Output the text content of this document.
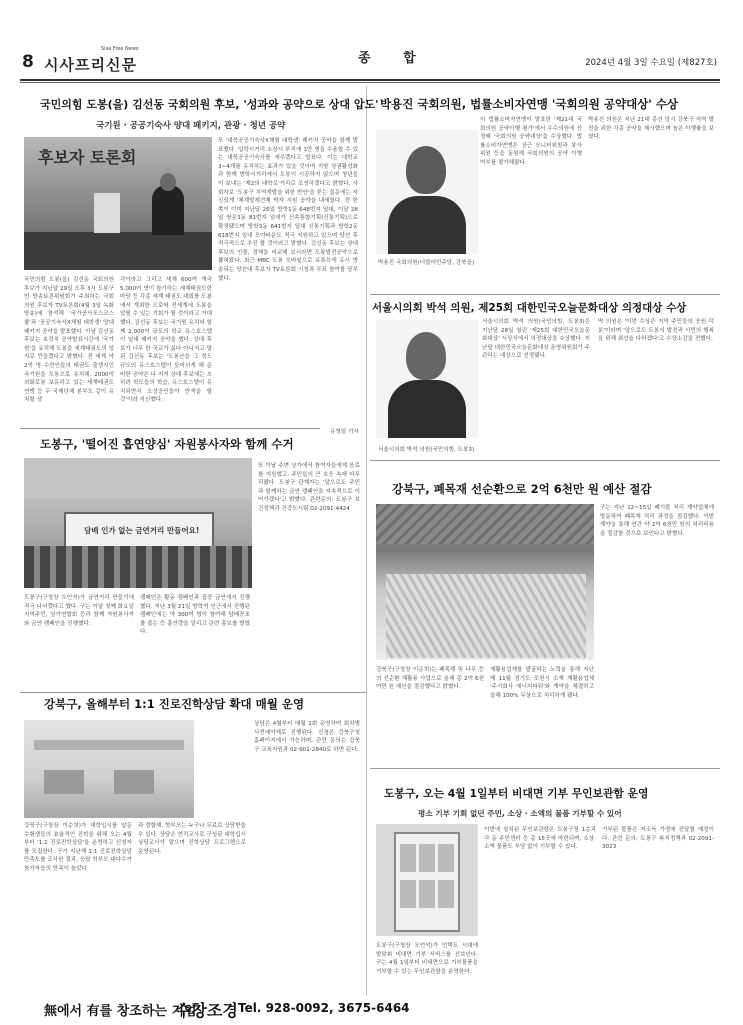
8
Sisa Free News
시사프리신문	종 합	2024년 4월 3일 수요일 (제827호)
국민의힘 도봉(을) 김선동 국회의원 후보, '성과와 공약으로 상대 압도'
국기원 · 공공기숙사 양대 패키지, 관광 · 청년 공약
후보자 토론회
국민의힘 도봉(을) 김선동 국회의원 후보가 지난달 29일 오후 3시 도봉구민 방송토론위원회가 주최하는 국회의원 후보자 TV토론회(4월 3일 녹화방송)에 참석해 '국가공사포스코스쿨'과 '공공기숙사X체험 대학생' 양대 패키지 공약을 발표했다. 이날 김선동 후보는 초정치 공약발표시간에 '국가원'을 유치해 도봉을 세계태권도의 성지로 만들겠다고 밝혔다. 전 세계 약 2억 명 수련인들의 태권도 출생지인 국기원을 도봉으로 유치해, 2000억 외화로봉 보유하고 있는 세계태권도연맹 등 두 국제단체 본부도 같이 유치할 생
각이라고 그리고 세계 600여 개국 5,000여 명이 참가하는 세계태권도한마당 등 각종 세계 태권도 대회를 도봉에서 개최한 으로써 전세계에 도봉을 알릴 수 있는 기회가 될 것이라고 거대했다. 김선동 후보는 국기원 유치와 함께 2,000억 규모의 학교 유스호스텔이 일대 패키지 공약을 했다. 상대 후보가 너무 한 국교가 싫다 아니지고 말된 김선동 후보는 '도봉산을 그 정도 규모의 유스호스텔이 들어서게 해 준비한 공약은 다 지켜 상대 후보에는 오히려 학도들의 학습, 유스호스텔이 유치되면서 소상공인들이 반색을 할 것'이라 지신했다.
또 '대학공공기숙사X체험 대학생' 패키지 공약을 함께 발표했다. 입학시거리 소장시 부지에 1만 명을 수용할 수 있는 대학공공기숙사를 세우겠다고 발표다. 이는 대학교 3~4개를 유치하는 효과가 있을 것이며 지방 상권활성화과 함께 방학시거리에서 도봉이 시공하지 않으며 청년들이 보내는 '제2의 대학로'거리로 조성하겠다고 밝혔다. 사회자로 '도봉구 지역개발을 위한 반안'을 묻는 질문에는 자신있게 '체계발제견제 박자 지원 공약을 내세웠다. 전 한쪽이 이미 지난달 26일 방학1동 648번지 일대, 이달 28일 쌍문3동 81번지 일대가 신속통합기획(신통기획)으로 확정됐으며 방학3동 641번지 일대 신통기획과 방학2동 618번지 일대 모아타운도 적극 지원하고 있으며 당선 후 적극적으로 추진 할 것이라고 밝혔다. 김선동 후보는 상대 후보의 인물, 정책을 비교해 보시라면 도봉발전공약으로 뽑혀왔다. 최근 MBC 도봉 모바일으로 유튜브에 유시 방송되는 당선대 후보자 TV토론회 시청과 투표 참여를 당부했다.
유영일 기자
도봉구, '떨어진 흡연양심' 자원봉사자와 함께 수거
담배 인가 없는 금연거리 만들어요!
도봉구(구청장 오언석)가 금연거리 만들기에 적극 나서겠다고 했다. 구는 이달 첫째 화요일 지역주민, 상가연합회 등과 함께 자원봉사자와 금연 캠페인을 진행했다.
캠페인은 활동 캠페인과 집중 금연에서 진행했다. 지난 3월 21일 방학역 인근에서 진행된 캠페인에는 약 300여 명이 참여해 담배꽁초를 줍는 등 흡연량을 알리고 관련 홍보를 벌였다.
또 이날 주변 상가에서 참여자들에게 음료를 지원했고, 주민들의 큰 호응 속에 마무리됐다. 도봉구 관계자는 '앞으로도 주민과 함께하는 금연 캠페인을 지속적으로 이어가겠다'고 밝혔다. 관련문의: 도봉구 보건정책과 건강도시팀 02-2091-4424
강북구, 올해부터 1:1 진로진학상담 확대 매월 운영
강북구(구청장 이순희)가 대학입시를 앞둔 수험생들의 효율적인 진학을 위해 오는 4월부터 '1:1 진로진학상담'을 운영하고 신청자를 모집한다. 구가 지난해 1:1 진로진학상담 만족도를 조사한 결과, 응답 학부모 대다수가 참가자들의 만족이 높았다.
과 결합해, 학부모는 누구나 무료로 상담받을 수 있다. 상담은 현직교사로 구성된 대학입시 상담교사가 맡으며 진학상담 프로그램으로 운영된다.
상담은 4월부터 매월 1회 운영하며 회차별 사전예약제로 진행된다. 신청은 강북구청 홈페이지에서 가능하며, 관련 문의는 강북구 교육지원과 02-901-2840로 하면 된다.
無에서 有를 창조하는 기업
수창조경 Tel. 928-0092, 3675-6464
박용진 국회의원, 법률소비자연맹 '국회의원 공약대상' 수상
박용진 국회의원(더불어민주당, 강북을)
이 법률소비자연맹이 발표한 '제21대 국회의원 공약이행 평가'에서 우수의원에 선정돼 '국회의원 공약대상'을 수상했다. 법률소비자연맹은 상근 모니터위원과 봉사위원 등을 동원해 국회의원의 공약 이행 여부를 평가해왔다.
박용진 의원은 지난 21대 총선 당시 강북구 지역 발전을 위한 각종 공약을 제시했으며 높은 이행률을 보였다.
서울시의회 박석 의원, 제25회 대한민국오늘문화대상 의정대상 수상
서울시의회 박석 의원(국민의힘, 도봉3)
서울시의회 박석 의원(국민의힘, 도봉3)은 지난달 28일 열린 '제25회 대한민국오늘문화대상' 시상식에서 의정대상을 수상했다. 지난달 대한민국오늘문화대상 운영위원회가 주관하는 대상으로 선정됐다.
박 의원은 '이번 수상은 지역 주민들의 응원 덕분'이라며 '앞으로도 도봉의 발전과 시민의 행복을 위해 최선을 다하겠다'고 수상소감을 전했다.
강북구, 폐목재 선순환으로 2억 6천만 원 예산 절감
강북구(구청장 이순희)는 폐목재 및 나무 등의 선순환 재활용 사업으로 올해 총 2억 6천여만 원 예산을 절감했다고 밝혔다.
재활용업체를 발굴하는 노력을 통해 지난해 11월 경기도 포천시 소재 재활용업체 '주식회사 에너지파워'와 계약을 체결하고 올해 100% 무상으로 처리하게 됐다.
구는 지난 12~15일 폐기물 처리 계약업체에 방문하여 폐목재 처리 과정을 점검했다. 이번 계약을 통해 연간 약 2억 6천만 원의 처리비용을 절감할 것으로 보인다고 밝혔다.
도봉구, 오는 4월 1일부터 비대면 기부 무인보관함 운영
평소 기부 기회 없던 주민, 소상 · 소액의 물품 기부할 수 있어
도봉구(구청장 오언석)가 언택트 시대에 발맞춰 비대면 기부 서비스를 선보인다. 구는 4월 1일부터 비대면으로 기부물품을 기부할 수 있는 무인보관함을 운영한다.
이번에 설치된 무인보관함은 도봉구청 1층과 각 동 주민센터 등 총 15곳에 마련되며, 소상·소액 물품도 부담 없이 기부할 수 있다.
기부된 물품은 저소득 가정에 전달될 예정이다. 관련 문의: 도봉구 복지정책과 02-2091-3023
